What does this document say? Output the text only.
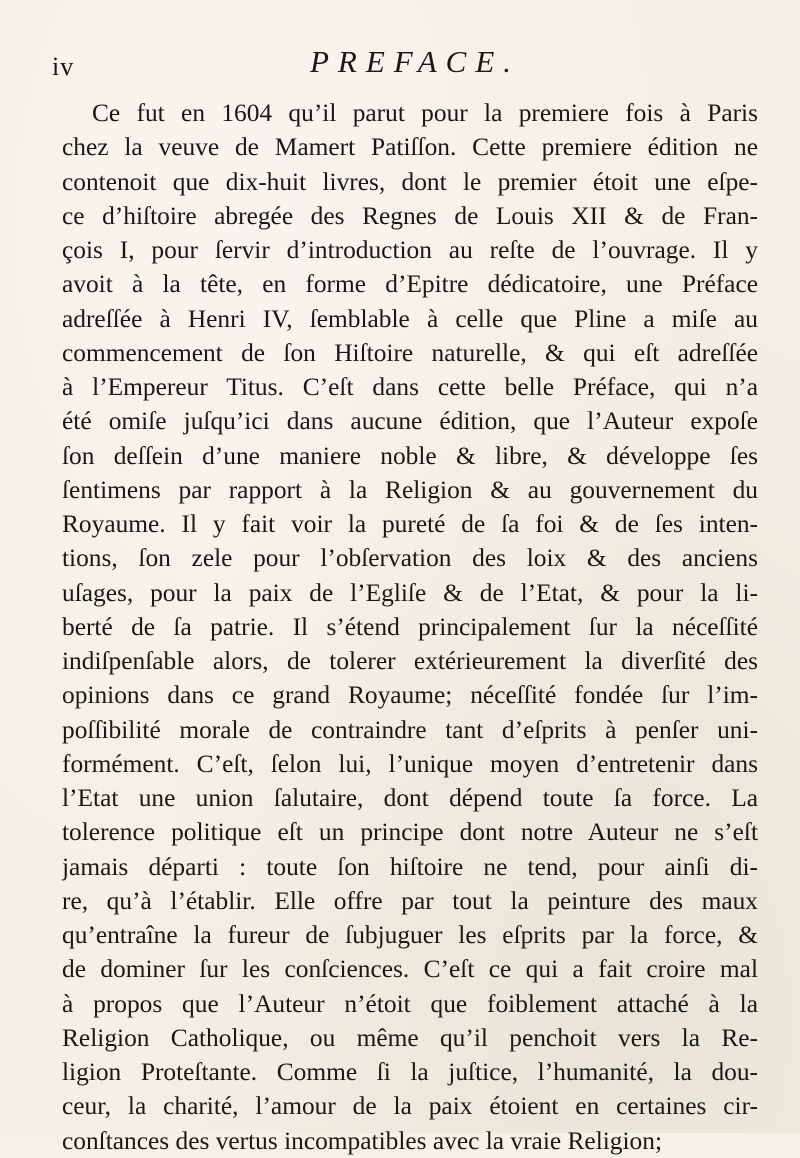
iv	PREFACE.
Ce fut en 1604 qu’il parut pour la premiere fois à Paris
chez la veuve de Mamert Patiſſon. Cette premiere édition ne
contenoit que dix-huit livres, dont le premier étoit une eſpe-
ce d’hiſtoire abregée des Regnes de Louis XII & de Fran-
çois I, pour ſervir d’introduction au reſte de l’ouvrage. Il y
avoit à la tête, en forme d’Epitre dédicatoire, une Préface
adreſſée à Henri IV, ſemblable à celle que Pline a miſe au
commencement de ſon Hiſtoire naturelle, & qui eſt adreſſée
à l’Empereur Titus. C’eſt dans cette belle Préface, qui n’a
été omiſe juſqu’ici dans aucune édition, que l’Auteur expoſe
ſon deſſein d’une maniere noble & libre, & développe ſes
ſentimens par rapport à la Religion & au gouvernement du
Royaume. Il y fait voir la pureté de ſa foi & de ſes inten-
tions, ſon zele pour l’obſervation des loix & des anciens
uſages, pour la paix de l’Egliſe & de l’Etat, & pour la li-
berté de ſa patrie. Il s’étend principalement ſur la néceſſité
indiſpenſable alors, de tolerer extérieurement la diverſité des
opinions dans ce grand Royaume; néceſſité fondée ſur l’im-
poſſibilité morale de contraindre tant d’eſprits à penſer uni-
formément. C’eſt, ſelon lui, l’unique moyen d’entretenir dans
l’Etat une union ſalutaire, dont dépend toute ſa force. La
tolerence politique eſt un principe dont notre Auteur ne s’eſt
jamais départi : toute ſon hiſtoire ne tend, pour ainſi di-
re, qu’à l’établir. Elle offre par tout la peinture des maux
qu’entraîne la fureur de ſubjuguer les eſprits par la force, &
de dominer ſur les conſciences. C’eſt ce qui a fait croire mal
à propos que l’Auteur n’étoit que foiblement attaché à la
Religion Catholique, ou même qu’il penchoit vers la Re-
ligion Proteſtante. Comme ſi la juſtice, l’humanité, la dou-
ceur, la charité, l’amour de la paix étoient en certaines cir-
conſtances des vertus incompatibles avec la vraie Religion;
